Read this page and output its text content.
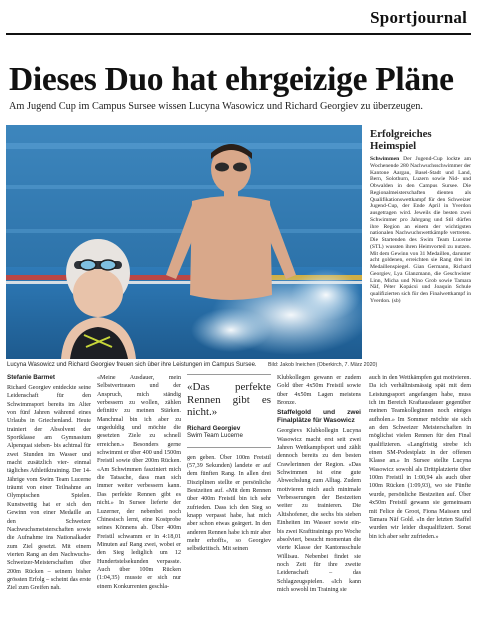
Sportjournal
Dieses Duo hat ehrgeizige Pläne
Am Jugend Cup im Campus Sursee wissen Lucyna Wasowicz und Richard Georgiev zu überzeugen.
Lucyna Wasowicz und Richard Georgiev freuen sich über ihre Leistungen im Campus Sursee. Bild: Jakob Ineichen (Oberkirch, 7. März 2020)
Erfolgreiches Heimspiel
Schwimmen Der Jugend-Cup lockte am Wochenende 280 Nachwuchsschwimmer der Kantone Aargau, Basel-Stadt und Land, Bern, Solothurn, Luzern sowie Nid- und Obwalden in den Campus Sursee. Die Regionalmeisterschaften dienten als Qualifikationswettkampf für den Schweizer Jugend-Cup, der Ende April in Yverdon ausgetragen wird. Jeweils die besten zwei Schwimmer pro Jahrgang und Stil dürfen ihre Region an einem der wichtigsten nationalen Nachwuchswettkämpfe vertreten. Die Startenden des Swim Team Lucerne (STL) wussten ihren Heimvorteil zu nutzen. Mit dem Gewinn von 31 Medaillen, darunter acht goldenen, erreichten sie Rang drei im Medaillenspiegel. Gian Germann, Richard Georgiev, Lya Glanzmann, die Geschwister Linn, Micha und Nino Grob sowie Tamara Näf, Péter Kopácsi und Joaquin Schule qualifizierten sich für den Finalwettkampf in Yverdon. (sb)
Stefanie Barmet
Richard Georgiev entdeckte seine Leidenschaft für den Schwimmsport bereits im Alter von fünf Jahren während eines Urlaubs in Griechenland. Heute trainiert der Absolvent der Sportklasse am Gymnasium Alpenquai sieben- bis achtmal für zwei Stunden im Wasser und macht zusätzlich vier- einmal tägliches Athletiktraining. Der 14-Jährige vom Swim Team Lucerne träumt von einer Teilnahme an Olympischen Spielen. Kunstwettig hat er sich den Gewinn von einer Medaille an den Schweizer Nachwuchsmeisterschaften sowie die Aufnahme ins Nationalkader zum Ziel gesetzt. Mit einem vierten Rang an den Nachwuchs-Schweizer-Meisterschaften über 200m Rücken – seinem bisher grössten Erfolg – scheint das erste Ziel zum Greifen nah.
«Meine Ausdauer, mein Selbstvertrauen und der Anspruch, mich ständig verbessern zu wollen, zählen definitiv zu meinen Stärken. Manchmal bin ich aber zu ungeduldig und möchte die gesetzten Ziele zu schnell erreichen.» Besonders gerne schwimmt er über 400 und 1500m Freistil sowie über 200m Rücken. «Am Schwimmen fasziniert mich die Tatsache, dass man sich immer weiter verbessern kann. Das perfekte Rennen gibt es nicht.» In Sursee lieferte der Luzerner, der nebenbei noch Chinesisch lernt, eine Kostprobe seines Könnens ab. Über 400m Freistil schwamm er in 4:18,01 Minuten auf Rang zwei, wobei er den Sieg lediglich um 12 Hundertstelsekunden verpasste. Auch über 100m Rücken (1:04,35) musste er sich nur einem Konkurrenten geschla-
«Das perfekte Rennen gibt es nicht.»
Richard Georgiev
Swim Team Lucerne
gen geben. Über 100m Freistil (57,39 Sekunden) landete er auf dem fünften Rang. In allen drei Disziplinen stellte er persönliche Bestzeiten auf. «Mit dem Rennen über 400m Freistil bin ich sehr zufrieden. Dass ich den Sieg so knapp verpasst habe, hat mich aber schon etwas geärgert. In den anderen Rennen habe ich mir aber mehr erhofft», so Georgiev selbstkritisch. Mit seinen
Klubkollegen gewann er zudem Gold über 4x50m Freistil sowie über 4x50m Lagen meistens Bronze.
Staffelgold und zwei Finalplätze für Wasowicz
Georgievs Klubkollegin Lucyna Wasowicz macht erst seit zwei Jahren Wettkampfsport und zählt dennoch bereits zu den besten Crawlerinnen der Region. «Das Schwimmen ist eine gute Abwechslung zum Alltag. Zudem motivieren mich auch minimale Verbesserungen der Bestzeiten weiter zu trainieren. Die Altishofener, die sechs bis sieben Einheiten im Wasser sowie ein- bis zwei Krafttrainings pro Woche absolviert, besucht momentan die vierte Klasse der Kantonsschule Willisau. Nebenbei findet sie noch Zeit für ihre zweite Leidenschaft – das Schlagzeugspielen. «Ich kann mich sowohl im Training sie
auch in den Wettkämpfen gut motivieren. Da ich verhältnismässig spät mit dem Leistungssport angefangen habe, muss ich im Bereich Kraftausdauer gegenüber meinen Teamkolleginnen noch einiges aufholen.» Im Sommer möchte sie sich an den Schweizer Meisterschaften in möglichst vielen Rennen für den Final qualifizieren. «Langfristig strebe ich einen SM-Podestplatz in der offenen Klasse an.» In Sursee stellte Lucyna Wasowicz sowohl als Drittplatzierte über 100m Freistil in 1:00,94 als auch über 100m Rücken (1:09,93), wo sie Fünfte wurde, persönliche Bestzeiten auf. Über 4x50m Freistil gewann sie gemeinsam mit Felice de Groot, Fiona Maissen und Tamara Näf Gold. «In der letzten Staffel wurden wir leider disqualifiziert. Sonst bin ich aber sehr zufrieden.»
